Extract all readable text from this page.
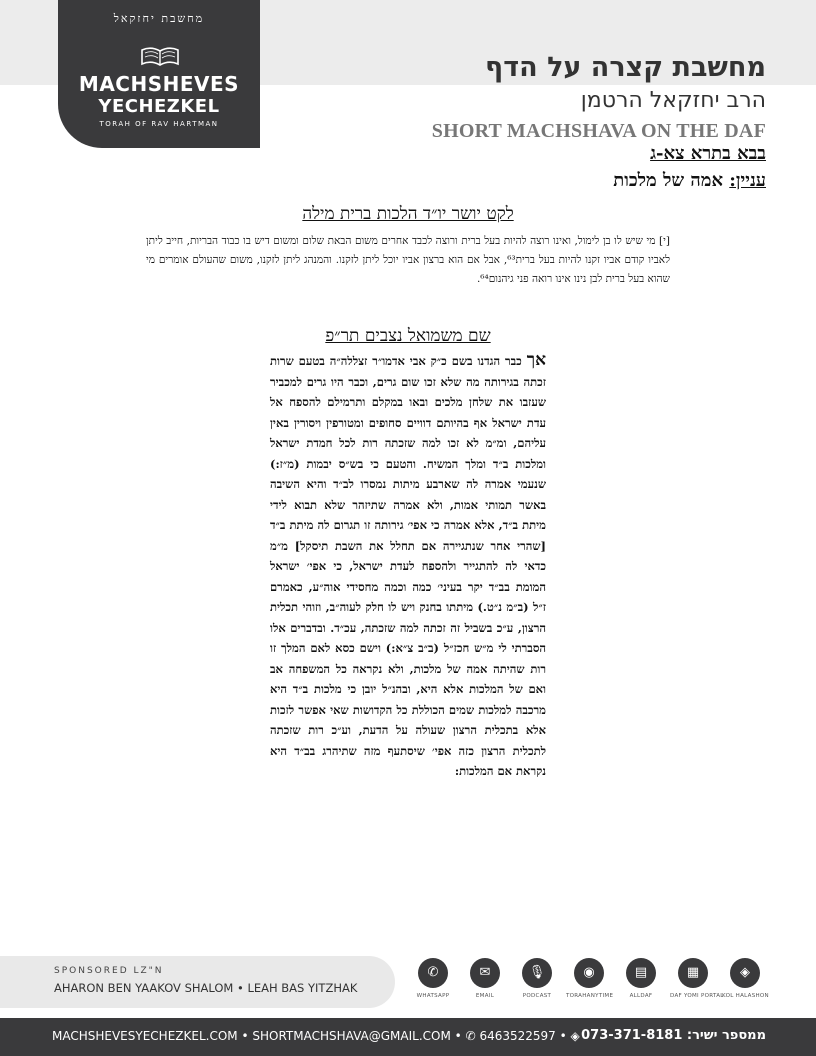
מחשבת יחזקאל
MACHSHEVES
YECHEZKEL
TORAH OF RAV HARTMAN
מחשבת קצרה על הדף
הרב יחזקאל הרטמן
SHORT MACHSHAVA ON THE DAF
בבא בתרא צא-ג
עניין: אמה של מלכות
לקט יושר יו״ד הלכות ברית מילה
[י] מי שיש לו בן לימול, ואינו רוצה להיות בעל ברית ורוצה לכבד אחרים משום הבאת שלום ומשום דיש בו כבוד הבריות, חייב ליתן לאביו קודם אביו זקנו להיות בעל ברית⁶³, אבל אם הוא ברצון אביו יוכל ליתן לזקנו. והמנהג ליתן לזקנו, משום שהעולם אומרים מי שהוא בעל ברית לבן נינו אינו רואה פני גיהנום⁶⁴.
שם משמואל נצבים תר״פ
אך כבר הגדנו בשם כ״ק אבי אדמו״ר זצללה״ה בטעם שרות זכתה בגירותה מה שלא זכו שום גרים, וכבר היו גרים למכביר שעזבו את שלחן מלכים ובאו במקלם ותרמילם להספח אל עדת ישראל אף בהיותם דוויים סחופים ומטורפין ויסורין באין עליהם, ומ״מ לא זכו למה שזכתה רות לכל חמדת ישראל ומלכות ב״ד ומלך המשיח. והטעם כי בש״ס יבמות (מ״ז:) שנעמי אמרה לה שארבע מיתות נמסרו לב״ד והיא השיבה באשר תמותי אמות, ולא אמרה שתיזהר שלא תבוא לידי מיתת ב״ד, אלא אמרה כי אפי׳ גירותה זו תגרום לה מיתת ב״ד [שהרי אחר שנתגיירה אם תחלל את השבת תיסקל] מ״מ כדאי לה להתגייר ולהספח לעדת ישראל, כי אפי׳ ישראל המומת בב״ד יקר בעיני׳ כמה וכמה מחסידי אוה״ע, כאמרם ז״ל (ב״מ נ״ט.) מיתתו בחנק ויש לו חלק לעוה״ב, וזוהי תכלית הרצון, ע״כ בשביל זה זכתה למה שזכתה, עכ״ד. ובדברים אלו הסברתי לי מ״ש חכז״ל (ב״ב צ״א:) וישם כסא לאם המלך זו רות שהיתה אמה של מלכות, ולא נקראה כל המשפחה אב ואם של המלכות אלא היא, ובהנ״ל יובן כי מלכות ב״ד היא מרכבה למלכות שמים הכוללת כל הקדושות שאי אפשר לזכות אלא בתכלית הרצון שעולה על הדעת, וע״כ רות שזכתה לתכלית הרצון כזה אפי׳ שיסתעף מזה שתיהרג בב״ד היא נקראת אם המלכות:
SPONSORED LZ"N
AHARON BEN YAAKOV SHALOM • LEAH BAS YITZHAK
✆
WHATSAPP
✉
EMAIL
🎙
PODCAST
◉
TORAHANYTIME
▤
ALLDAF
▦
DAF YOMI PORTAL
◈
KOL HALASHON
MACHSHEVESYECHEZKEL.COM • SHORTMACHSHAVA@GMAIL.COM • ✆ 6463522597 • ◈ 073-371-8181 ממספר ישיר:
